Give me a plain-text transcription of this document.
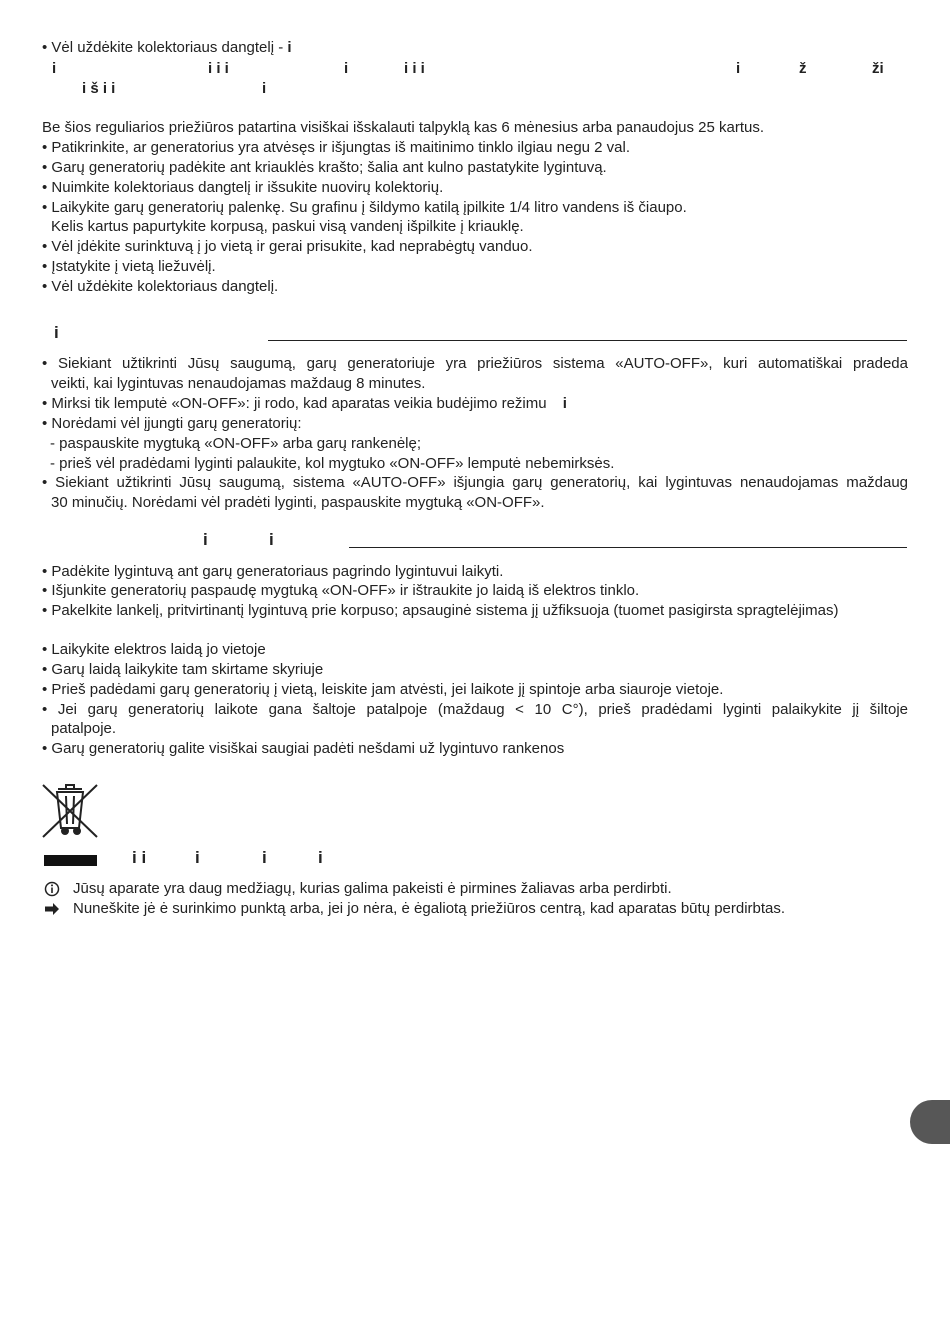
• Vėl uždėkite kolektoriaus dangtelį - i
i	i i i	i	i i i	i	ž	ži
i š i i	i
Be šios reguliarios priežiūros patartina visiškai išskalauti talpyklą kas 6 mėnesius arba panaudojus 25 kartus.
• Patikrinkite, ar generatorius yra atvėsęs ir išjungtas iš maitinimo tinklo ilgiau negu 2 val.
• Garų generatorių padėkite ant kriauklės krašto; šalia ant kulno pastatykite lygintuvą.
• Nuimkite kolektoriaus dangtelį ir išsukite nuovirų kolektorių.
• Laikykite garų generatorių palenkę. Su grafinu į šildymo katilą įpilkite 1/4 litro vandens iš čiaupo.
Kelis kartus papurtykite korpusą, paskui visą vandenį išpilkite į kriauklę.
• Vėl įdėkite surinktuvą į jo vietą ir gerai prisukite, kad neprabėgtų vanduo.
• Įstatykite į vietą liežuvėlį.
• Vėl uždėkite kolektoriaus dangtelį.
i
• Siekiant užtikrinti Jūsų saugumą, garų generatoriuje yra priežiūros sistema «AUTO-OFF», kuri automatiškai pradeda
veikti, kai lygintuvas nenaudojamas maždaug 8 minutes.
• Mirksi tik lemputė «ON-OFF»: ji rodo, kad aparatas veikia budėjimo režimu i
• Norėdami vėl įjungti garų generatorių:
- paspauskite mygtuką «ON-OFF» arba garų rankenėlę;
- prieš vėl pradėdami lyginti palaukite, kol mygtuko «ON-OFF» lemputė nebemirksės.
• Siekiant užtikrinti Jūsų saugumą, sistema «AUTO-OFF» išjungia garų generatorių, kai lygintuvas nenaudojamas maždaug
30 minučių. Norėdami vėl pradėti lyginti, paspauskite mygtuką «ON-OFF».
i	i
• Padėkite lygintuvą ant garų generatoriaus pagrindo lygintuvui laikyti.
• Išjunkite generatorių paspaudę mygtuką «ON-OFF» ir ištraukite jo laidą iš elektros tinklo.
• Pakelkite lankelį, pritvirtinantį lygintuvą prie korpuso; apsauginė sistema jį užfiksuoja (tuomet pasigirsta spragtelėjimas)
• Laikykite elektros laidą jo vietoje
• Garų laidą laikykite tam skirtame skyriuje
• Prieš padėdami garų generatorių į vietą, leiskite jam atvėsti, jei laikote jį spintoje arba siauroje vietoje.
• Jei garų generatorių laikote gana šaltoje patalpoje (maždaug < 10 C°), prieš pradėdami lyginti palaikykite jį šiltoje
patalpoje.
• Garų generatorių galite visiškai saugiai padėti nešdami už lygintuvo rankenos
i i	i	i	i
Jūsų aparate yra daug medžiagų, kurias galima pakeisti ė pirmines žaliavas arba perdirbti.
Nuneškite jė ė surinkimo punktą arba, jei jo nėra, ė ėgaliotą priežiūros centrą, kad aparatas būtų perdirbtas.
